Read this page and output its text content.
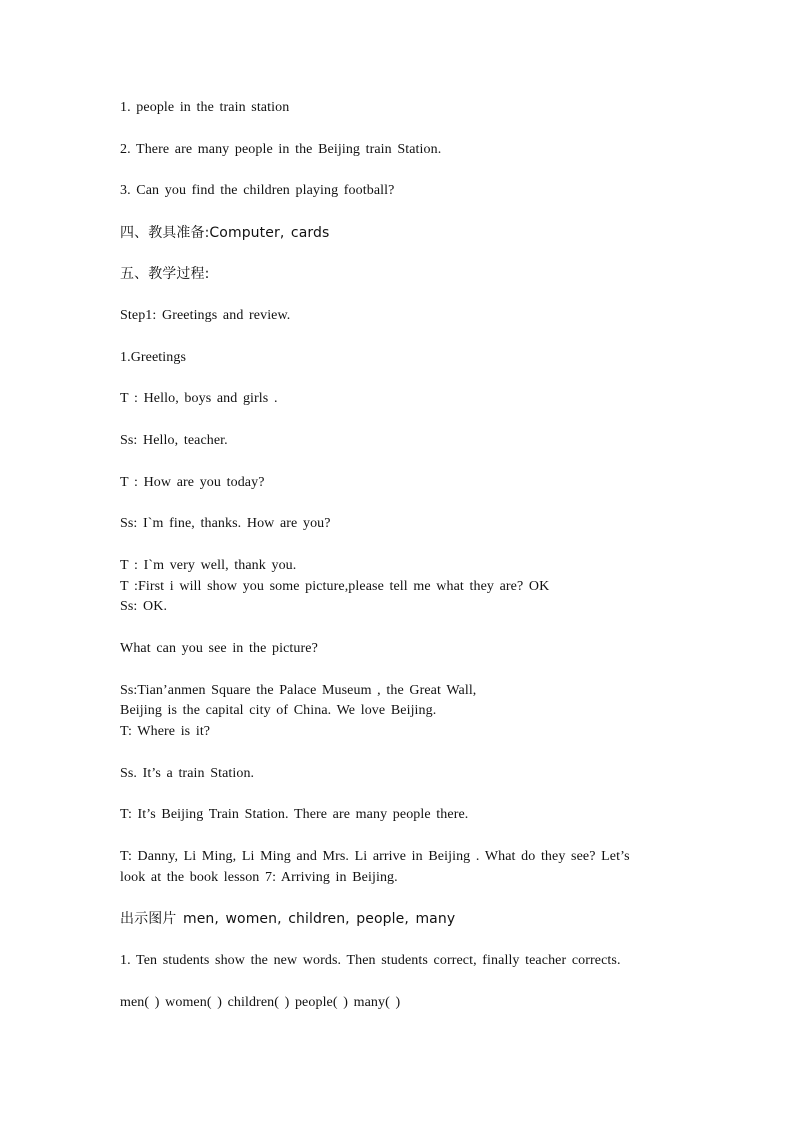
1. people in the train station
2. There are many people in the Beijing train Station.
3. Can you find the children playing football?
四、教具准备:Computer, cards
五、教学过程:
Step1: Greetings and review.
1.Greetings
T : Hello, boys and girls .
Ss: Hello, teacher.
T : How are you today?
Ss: I`m fine, thanks. How are you?
T : I`m very well, thank you.
T :First i will show you some picture,please tell me what they are? OK
Ss: OK.
What can you see in the picture?
Ss:Tian’anmen Square the Palace Museum , the Great Wall,
Beijing is the capital city of China. We love Beijing.
T: Where is it?
Ss. It’s a train Station.
T: It’s Beijing Train Station. There are many people there.
T: Danny, Li Ming, Li Ming and Mrs. Li arrive in Beijing . What do they see? Let’s
look at the book lesson 7: Arriving in Beijing.
出示图片 men, women, children, people, many
1. Ten students show the new words. Then students correct, finally teacher corrects.
men( ) women( ) children( ) people( ) many( )
